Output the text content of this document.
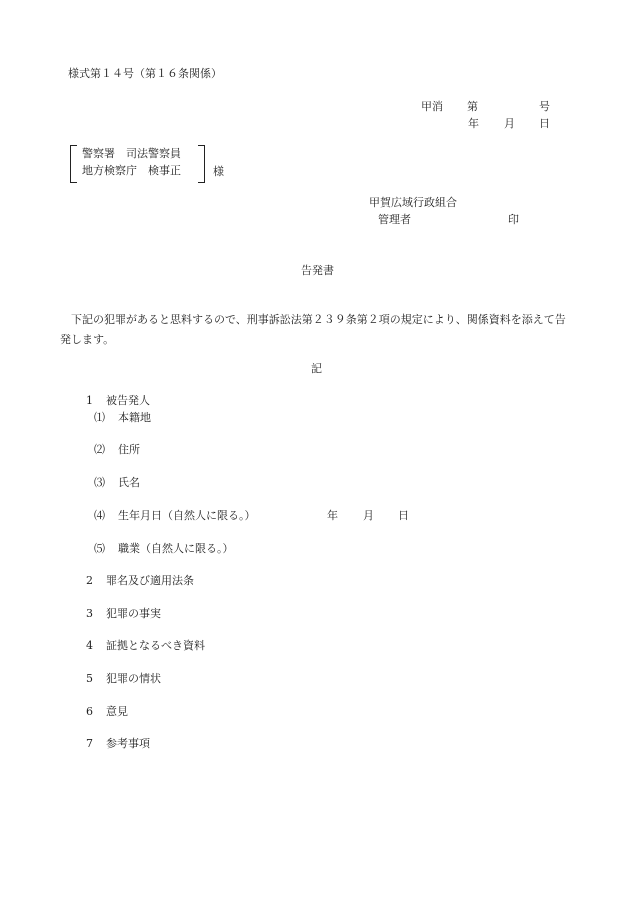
様式第１４号（第１６条関係）
甲消 第	号
年 月 日
警察署　司法警察員
地方検察庁　検事正	様
甲賀広域行政組合
管理者	印
告発書
下記の犯罪があると思料するので、刑事訴訟法第２３９条第２項の規定により、関係資料を添えて告発します。
記
1 被告発人
⑴ 本籍地
⑵ 住所
⑶ 氏名
⑷ 生年月日（自然人に限る。）	年 月 日
⑸ 職業（自然人に限る。）
2 罪名及び適用法条
3 犯罪の事実
4 証拠となるべき資料
5 犯罪の情状
6 意見
7 参考事項
